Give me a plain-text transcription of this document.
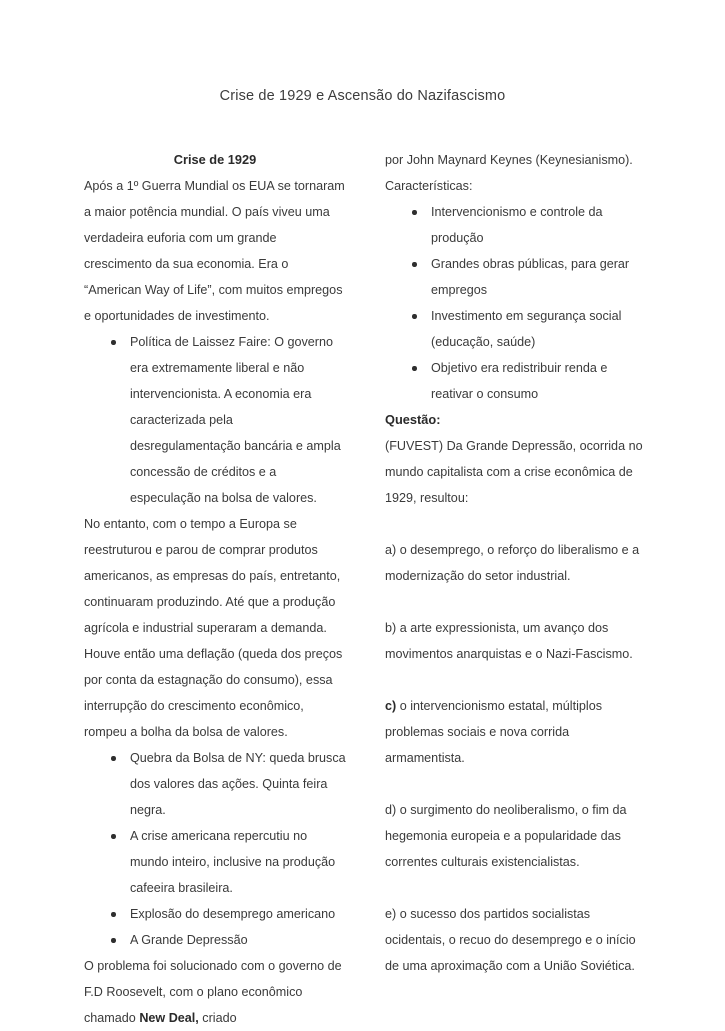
Crise de 1929 e Ascensão do Nazifascismo
Crise de 1929

Após a 1º Guerra Mundial os EUA se tornaram a maior potência mundial. O país viveu uma verdadeira euforia com um grande crescimento da sua economia. Era o “American Way of Life”, com muitos empregos e oportunidades de investimento.

Política de Laissez Faire: O governo era extremamente liberal e não intervencionista. A economia era caracterizada pela desregulamentação bancária e ampla concessão de créditos e a especulação na bolsa de valores.

No entanto, com o tempo a Europa se reestruturou e parou de comprar produtos americanos, as empresas do país, entretanto, continuaram produzindo. Até que a produção agrícola e industrial superaram a demanda. Houve então uma deflação (queda dos preços por conta da estagnação do consumo), essa interrupção do crescimento econômico, rompeu a bolha da bolsa de valores.

Quebra da Bolsa de NY: queda brusca dos valores das ações. Quinta feira negra.
A crise americana repercutiu no mundo inteiro, inclusive na produção cafeeira brasileira.
Explosão do desemprego americano
A Grande Depressão

O problema foi solucionado com o governo de F.D Roosevelt, com o plano econômico chamado New Deal, criado

por John Maynard Keynes (Keynesianismo). Características:

Intervencionismo e controle da produção
Grandes obras públicas, para gerar empregos
Investimento em segurança social (educação, saúde)
Objetivo era redistribuir renda e reativar o consumo
Questão:

(FUVEST) Da Grande Depressão, ocorrida no mundo capitalista com a crise econômica de 1929, resultou:

a) o desemprego, o reforço do liberalismo e a modernização do setor industrial.

b) a arte expressionista, um avanço dos movimentos anarquistas e o Nazi-Fascismo.

c) o intervencionismo estatal, múltiplos problemas sociais e nova corrida armamentista.

d) o surgimento do neoliberalismo, o fim da hegemonia europeia e a popularidade das correntes culturais existencialistas.

e) o sucesso dos partidos socialistas ocidentais, o recuo do desemprego e o início de uma aproximação com a União Soviética.
